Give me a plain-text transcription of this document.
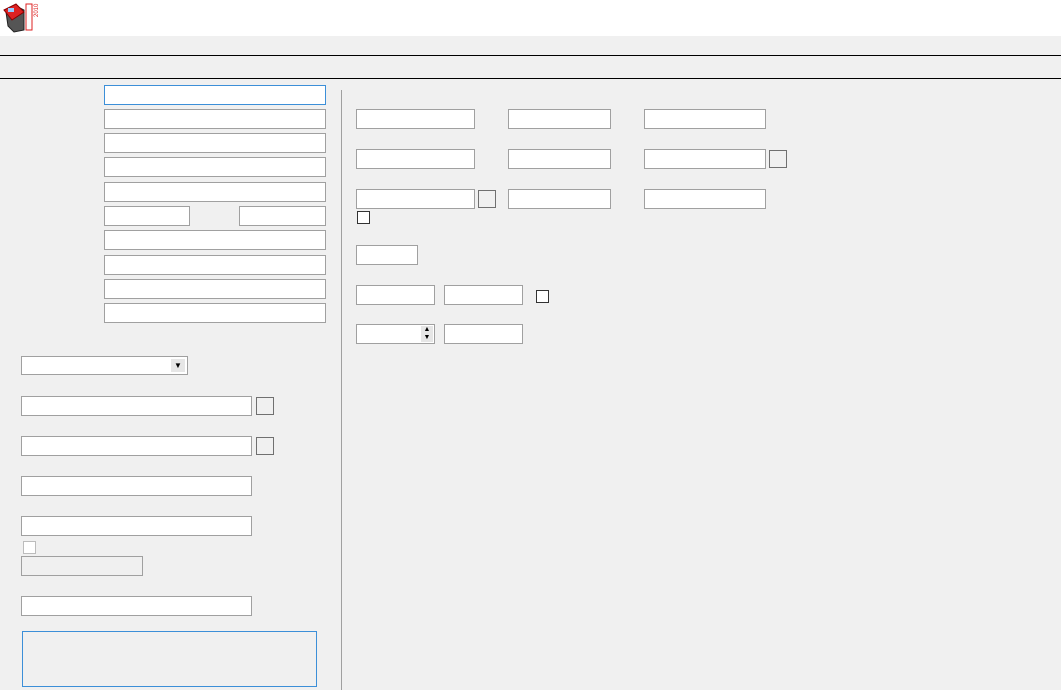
2010
▼
▲
▼
